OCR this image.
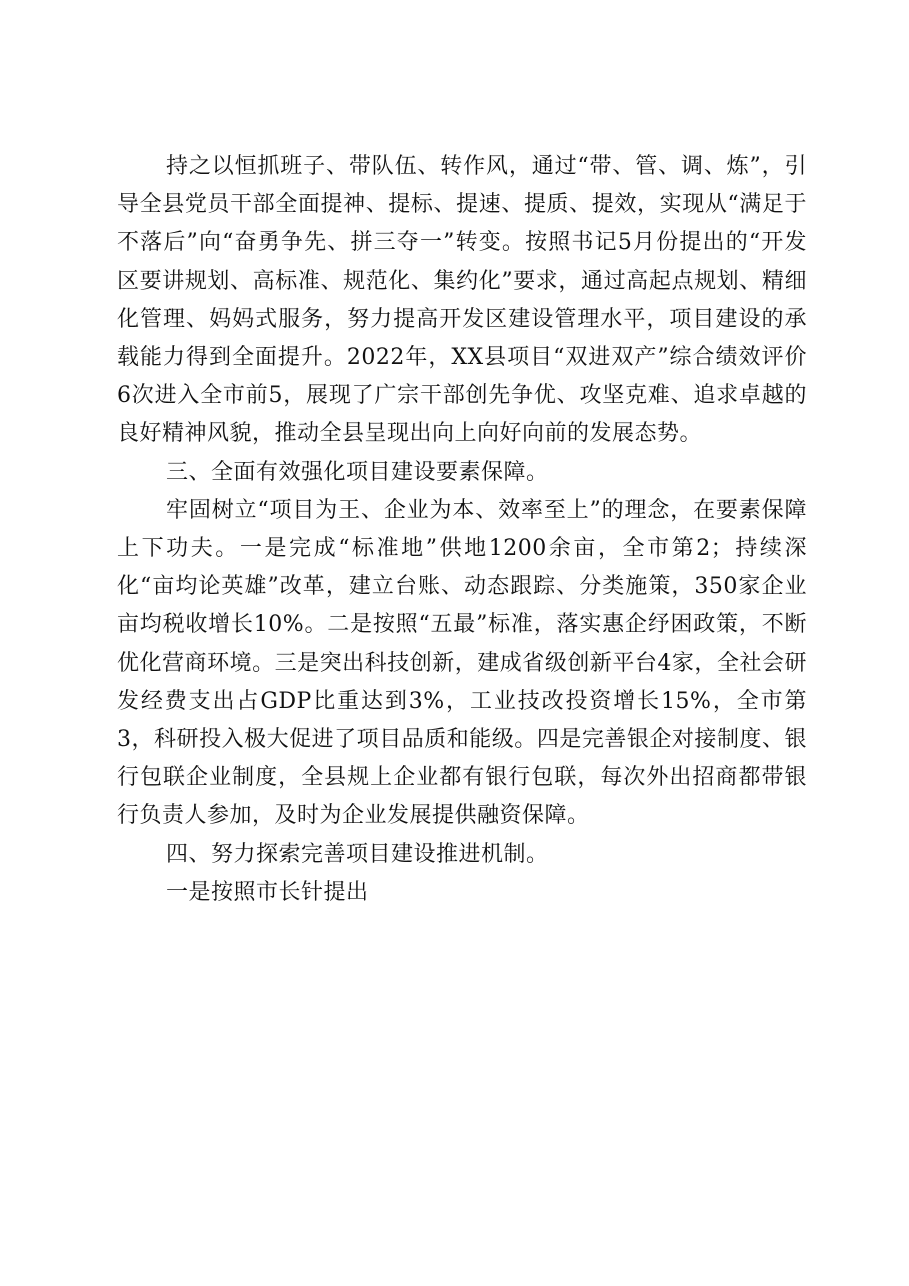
持之以恒抓班子、带队伍、转作风，通过“带、管、调、炼”，引导全县党员干部全面提神、提标、提速、提质、提效，实现从“满足于不落后”向“奋勇争先、拼三夺一”转变。按照书记5月份提出的“开发区要讲规划、高标准、规范化、集约化”要求，通过高起点规划、精细化管理、妈妈式服务，努力提高开发区建设管理水平，项目建设的承载能力得到全面提升。2022年，XX县项目“双进双产”综合绩效评价6次进入全市前5，展现了广宗干部创先争优、攻坚克难、追求卓越的良好精神风貌，推动全县呈现出向上向好向前的发展态势。

三、全面有效强化项目建设要素保障。

牢固树立“项目为王、企业为本、效率至上”的理念，在要素保障上下功夫。一是完成“标准地”供地1200余亩，全市第2；持续深化“亩均论英雄”改革，建立台账、动态跟踪、分类施策，350家企业亩均税收增长10%。二是按照“五最”标准，落实惠企纾困政策，不断优化营商环境。三是突出科技创新，建成省级创新平台4家，全社会研发经费支出占GDP比重达到3%，工业技改投资增长15%，全市第3，科研投入极大促进了项目品质和能级。四是完善银企对接制度、银行包联企业制度，全县规上企业都有银行包联，每次外出招商都带银行负责人参加，及时为企业发展提供融资保障。

四、努力探索完善项目建设推进机制。

一是按照市长针提出
